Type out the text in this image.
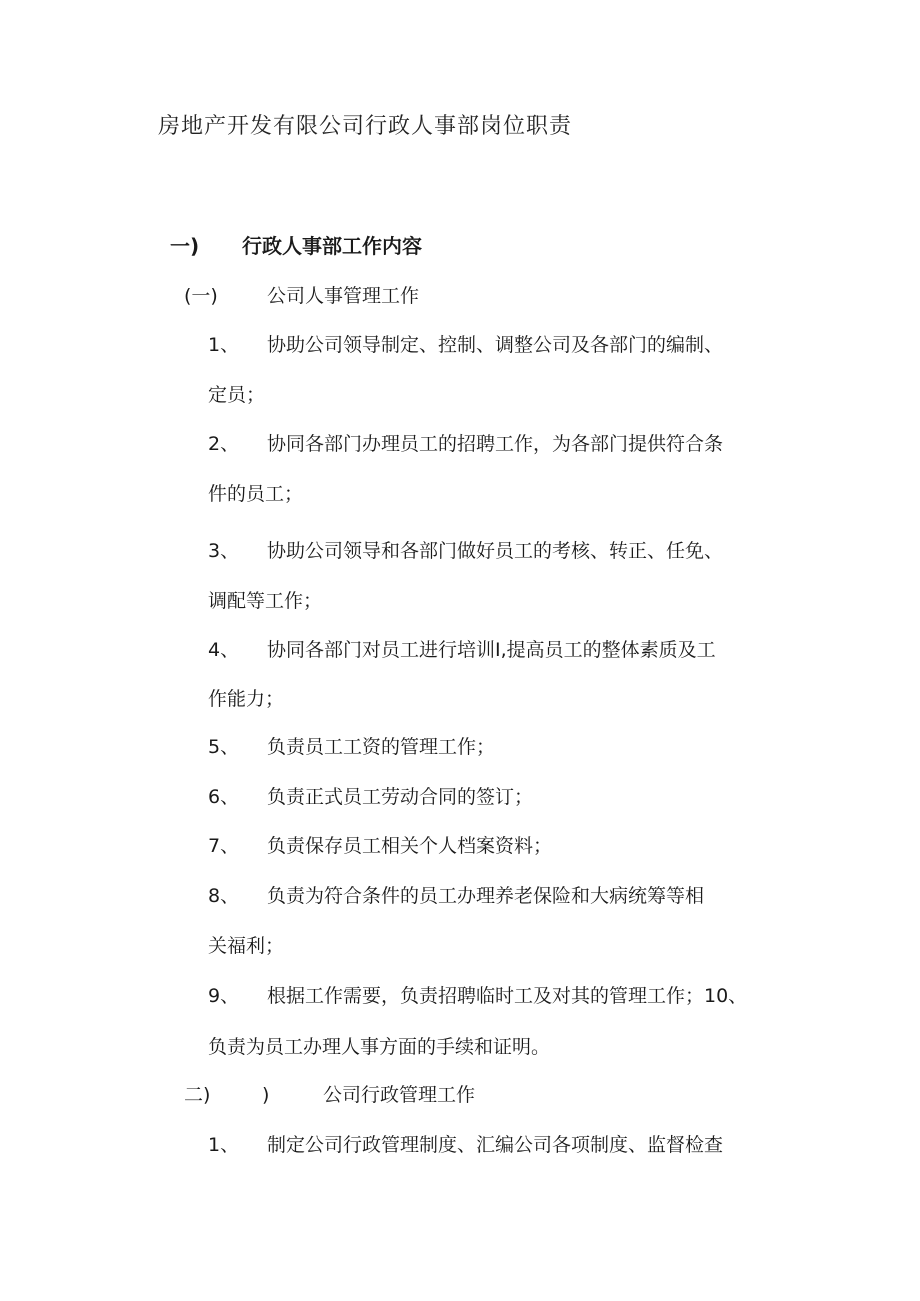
房地产开发有限公司行政人事部岗位职责
一) 行政人事部工作内容
(一)	公司人事管理工作
1、 协助公司领导制定、控制、调整公司及各部门的编制、
定员；
2、 协同各部门办理员工的招聘工作，为各部门提供符合条
件的员工；
3、 协助公司领导和各部门做好员工的考核、转正、任免、
调配等工作；
4、 协同各部门对员工进行培训I,提高员工的整体素质及工
作能力；
5、 负责员工工资的管理工作；
6、 负责正式员工劳动合同的签订；
7、 负责保存员工相关个人档案资料；
8、 负责为符合条件的员工办理养老保险和大病统筹等相
关福利；
9、 根据工作需要，负责招聘临时工及对其的管理工作；10、
负责为员工办理人事方面的手续和证明。
二)	)	公司行政管理工作
1、 制定公司行政管理制度、汇编公司各项制度、监督检查
